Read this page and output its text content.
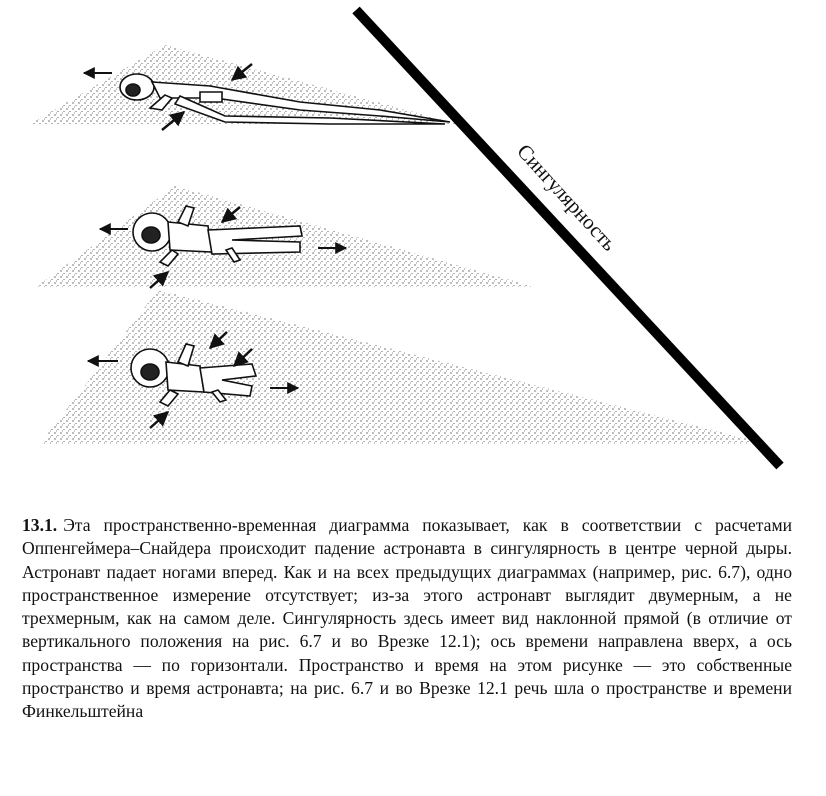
Сингулярность
13.1. Эта пространственно-временная диаграмма показывает, как в соответствии с расчетами Оппенгеймера–Снайдера происходит падение астронавта в сингулярность в центре черной дыры. Астронавт падает ногами вперед. Как и на всех предыдущих диаграммах (например, рис. 6.7), одно пространственное измерение отсутствует; из-за этого астронавт выглядит двумерным, а не трехмерным, как на самом деле. Сингулярность здесь имеет вид наклонной прямой (в отличие от вертикального положения на рис. 6.7 и во Врезке 12.1); ось времени направлена вверх, а ось пространства — по горизонтали. Пространство и время на этом рисунке — это собственные пространство и время астронавта; на рис. 6.7 и во Врезке 12.1 речь шла о пространстве и времени Финкельштейна
